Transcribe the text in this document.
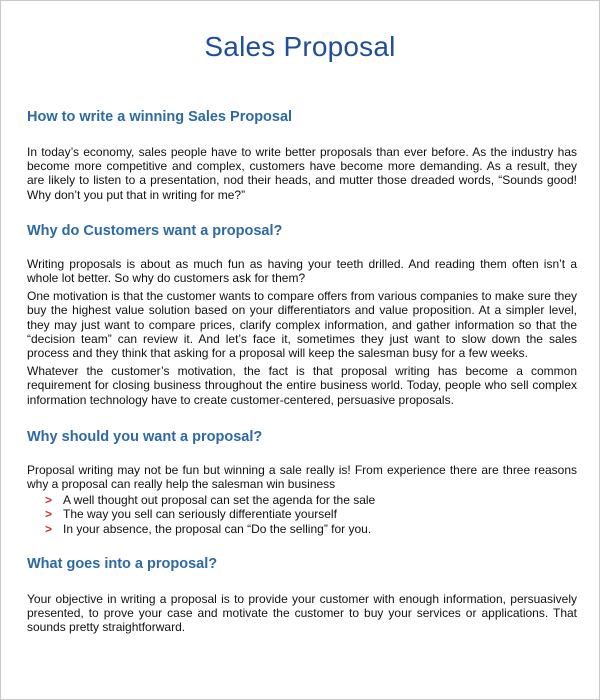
Sales Proposal
How to write a winning Sales Proposal

In today’s economy, sales people have to write better proposals than ever before. As the industry has become more competitive and complex, customers have become more demanding. As a result, they are likely to listen to a presentation, nod their heads, and mutter those dreaded words, “Sounds good! Why don’t you put that in writing for me?”

Why do Customers want a proposal?

Writing proposals is about as much fun as having your teeth drilled. And reading them often isn’t a whole lot better. So why do customers ask for them?

One motivation is that the customer wants to compare offers from various companies to make sure they buy the highest value solution based on your differentiators and value proposition. At a simpler level, they may just want to compare prices, clarify complex information, and gather information so that the “decision team” can review it. And let’s face it, sometimes they just want to slow down the sales process and they think that asking for a proposal will keep the salesman busy for a few weeks.

Whatever the customer’s motivation, the fact is that proposal writing has become a common requirement for closing business throughout the entire business world. Today, people who sell complex information technology have to create customer-centered, persuasive proposals.

Why should you want a proposal?

Proposal writing may not be fun but winning a sale really is! From experience there are three reasons why a proposal can really help the salesman win business

> A well thought out proposal can set the agenda for the sale
> The way you sell can seriously differentiate yourself
> In your absence, the proposal can “Do the selling” for you.
What goes into a proposal?

Your objective in writing a proposal is to provide your customer with enough information, persuasively presented, to prove your case and motivate the customer to buy your services or applications. That sounds pretty straightforward.
